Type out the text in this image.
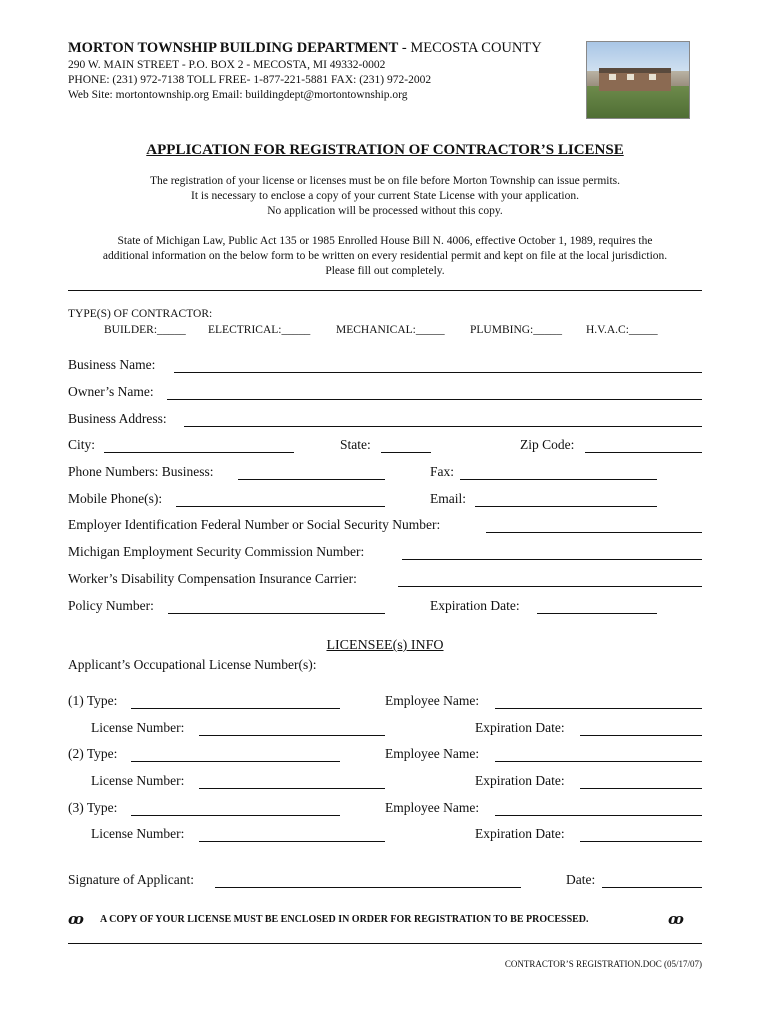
MORTON TOWNSHIP BUILDING DEPARTMENT - MECOSTA COUNTY
290 W. MAIN STREET - P.O. BOX 2 - MECOSTA, MI 49332-0002
PHONE: (231) 972-7138 TOLL FREE- 1-877-221-5881 FAX: (231) 972-2002
Web Site: mortontownship.org Email: buildingdept@mortontownship.org
APPLICATION FOR REGISTRATION OF CONTRACTOR’S LICENSE
The registration of your license or licenses must be on file before Morton Township can issue permits.
It is necessary to enclose a copy of your current State License with your application.
No application will be processed without this copy.
State of Michigan Law, Public Act 135 or 1985 Enrolled House Bill N. 4006, effective October 1, 1989, requires the
additional information on the below form to be written on every residential permit and kept on file at the local jurisdiction.
Please fill out completely.
TYPE(S) OF CONTRACTOR:
BUILDER:_____ ELECTRICAL:_____ MECHANICAL:_____ PLUMBING:_____ H.V.A.C:_____
Business Name:
Owner’s Name:
Business Address:
City:	State:	Zip Code:
Phone Numbers: Business:	Fax:
Mobile Phone(s):	Email:
Employer Identification Federal Number or Social Security Number:
Michigan Employment Security Commission Number:
Worker’s Disability Compensation Insurance Carrier:
Policy Number:	Expiration Date:
LICENSEE(s) INFO
Applicant’s Occupational License Number(s):
(1) Type:	Employee Name:
License Number:	Expiration Date:
(2) Type:	Employee Name:
License Number:	Expiration Date:
(3) Type:	Employee Name:
License Number:	Expiration Date:
Signature of Applicant:	Date:
ꝏ A COPY OF YOUR LICENSE MUST BE ENCLOSED IN ORDER FOR REGISTRATION TO BE PROCESSED.	ꝏ
CONTRACTOR’S REGISTRATION.DOC (05/17/07)
